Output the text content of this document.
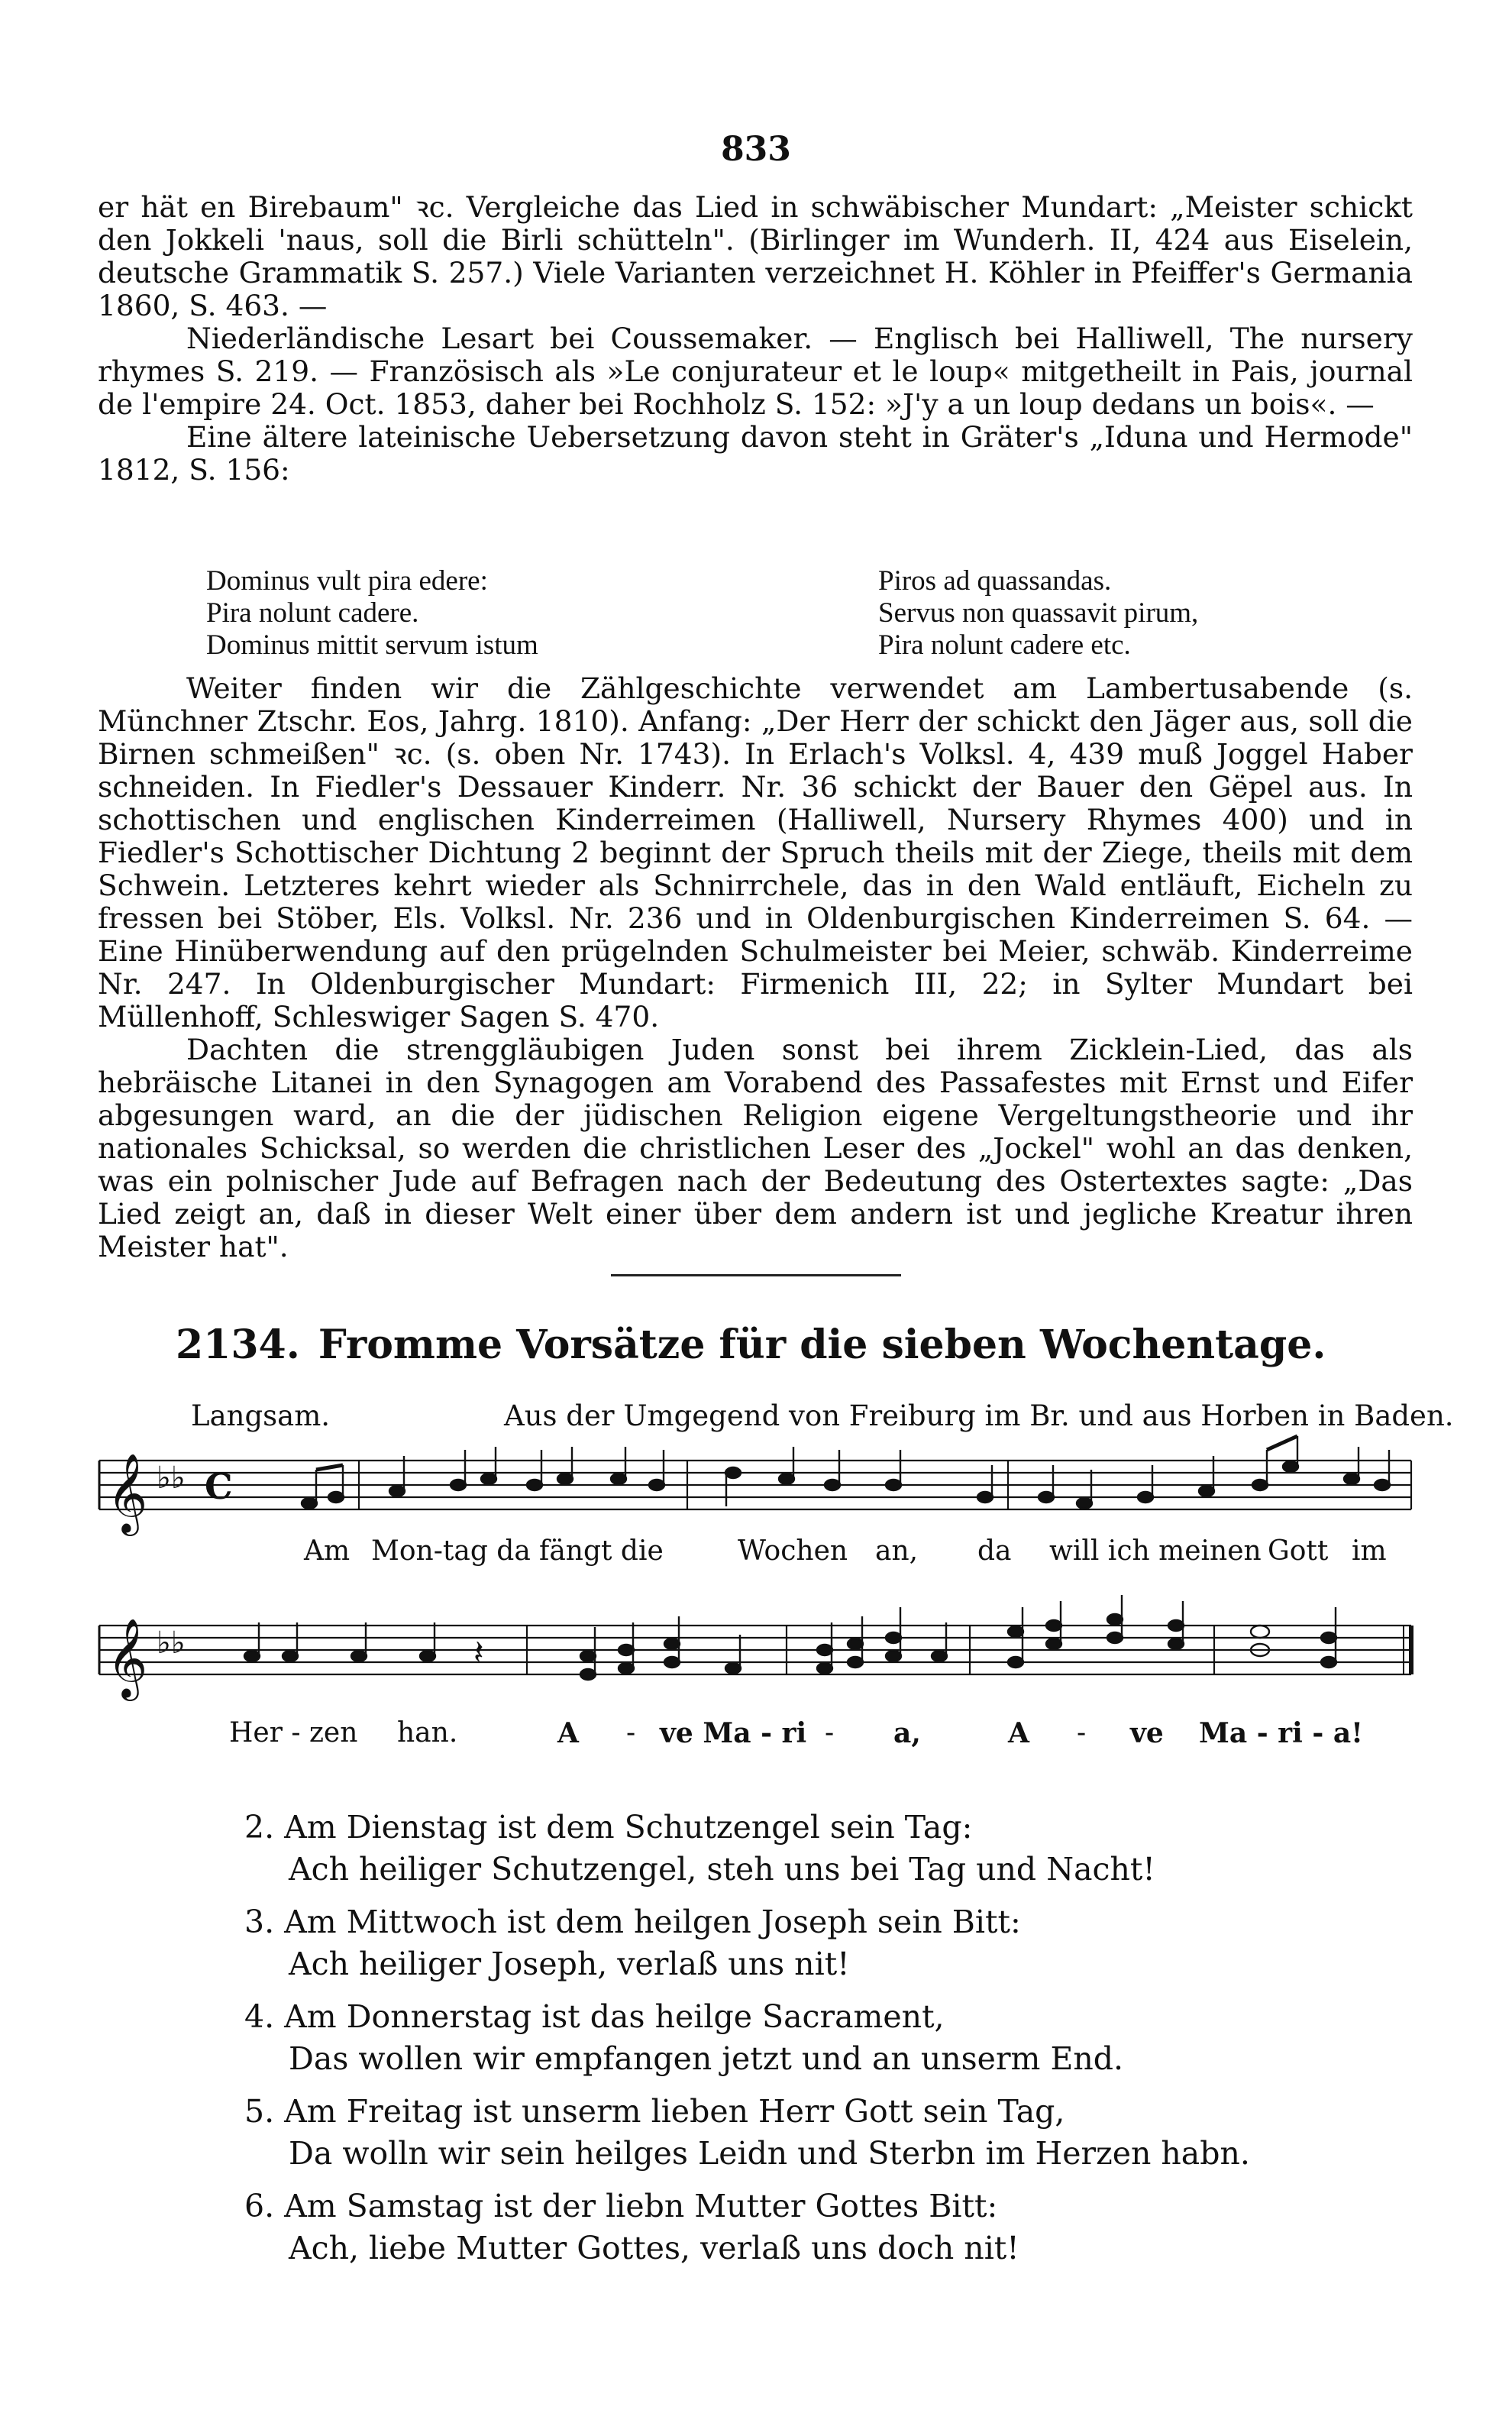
833

er hät en Birebaum" ꝛc. Vergleiche das Lied in schwäbischer Mundart: „Meister schickt den Jokkeli 'naus, soll die Birli schütteln". (Birlinger im Wunderh. II, 424 aus Eiselein, deutsche Grammatik S. 257.) Viele Varianten verzeichnet H. Köhler in Pfeiffer's Germania 1860, S. 463. —

Niederländische Lesart bei Coussemaker. — Englisch bei Halliwell, The nursery rhymes S. 219. — Französisch als »Le conjurateur et le loup« mitgetheilt in Pais, journal de l'empire 24. Oct. 1853, daher bei Rochholz S. 152: »J'y a un loup dedans un bois«. —

Eine ältere lateinische Uebersetzung davon steht in Gräter's „Iduna und Hermode" 1812, S. 156:

Dominus vult pira edere:
Pira nolunt cadere.
Dominus mittit servum istum
Piros ad quassandas.
Servus non quassavit pirum,
Pira nolunt cadere etc.

Weiter finden wir die Zählgeschichte verwendet am Lambertusabende (s. Münchner Ztschr. Eos, Jahrg. 1810). Anfang: „Der Herr der schickt den Jäger aus, soll die Birnen schmeißen" ꝛc. (s. oben Nr. 1743). In Erlach's Volksl. 4, 439 muß Joggel Haber schneiden. In Fiedler's Dessauer Kinderr. Nr. 36 schickt der Bauer den Gëpel aus. In schottischen und englischen Kinderreimen (Halliwell, Nursery Rhymes 400) und in Fiedler's Schottischer Dichtung 2 beginnt der Spruch theils mit der Ziege, theils mit dem Schwein. Letzteres kehrt wieder als Schnirrchele, das in den Wald entläuft, Eicheln zu fressen bei Stöber, Els. Volksl. Nr. 236 und in Oldenburgischen Kinderreimen S. 64. — Eine Hinüberwendung auf den prügelnden Schulmeister bei Meier, schwäb. Kinderreime Nr. 247. In Oldenburgischer Mundart: Firmenich III, 22; in Sylter Mundart bei Müllenhoff, Schleswiger Sagen S. 470.

Dachten die strenggläubigen Juden sonst bei ihrem Zicklein-Lied, das als hebräische Litanei in den Synagogen am Vorabend des Passafestes mit Ernst und Eifer abgesungen ward, an die der jüdischen Religion eigene Vergeltungstheorie und ihr nationales Schicksal, so werden die christlichen Leser des „Jockel" wohl an das denken, was ein polnischer Jude auf Befragen nach der Bedeutung des Ostertextes sagte: „Das Lied zeigt an, daß in dieser Welt einer über dem andern ist und jegliche Kreatur ihren Meister hat".

2134. Fromme Vorsätze für die sieben Wochentage.
Langsam.	Aus der Umgegend von Freiburg im Br. und aus Horben in Baden.
𝄞 ♭♭ C
𝄞 ♭♭	𝄽
Am Mon-tag da fängt die	Wochen an, da will ich meinen Gott im
Her - zen han.	A - ve Ma - ri - a,	A - ve Ma - ri - a!
2. Am Dienstag ist dem Schutzengel sein Tag:
Ach heiliger Schutzengel, steh uns bei Tag und Nacht!
3. Am Mittwoch ist dem heilgen Joseph sein Bitt:
Ach heiliger Joseph, verlaß uns nit!
4. Am Donnerstag ist das heilge Sacrament,
Das wollen wir empfangen jetzt und an unserm End.
5. Am Freitag ist unserm lieben Herr Gott sein Tag,
Da wolln wir sein heilges Leidn und Sterbn im Herzen habn.
6. Am Samstag ist der liebn Mutter Gottes Bitt:
Ach, liebe Mutter Gottes, verlaß uns doch nit!
